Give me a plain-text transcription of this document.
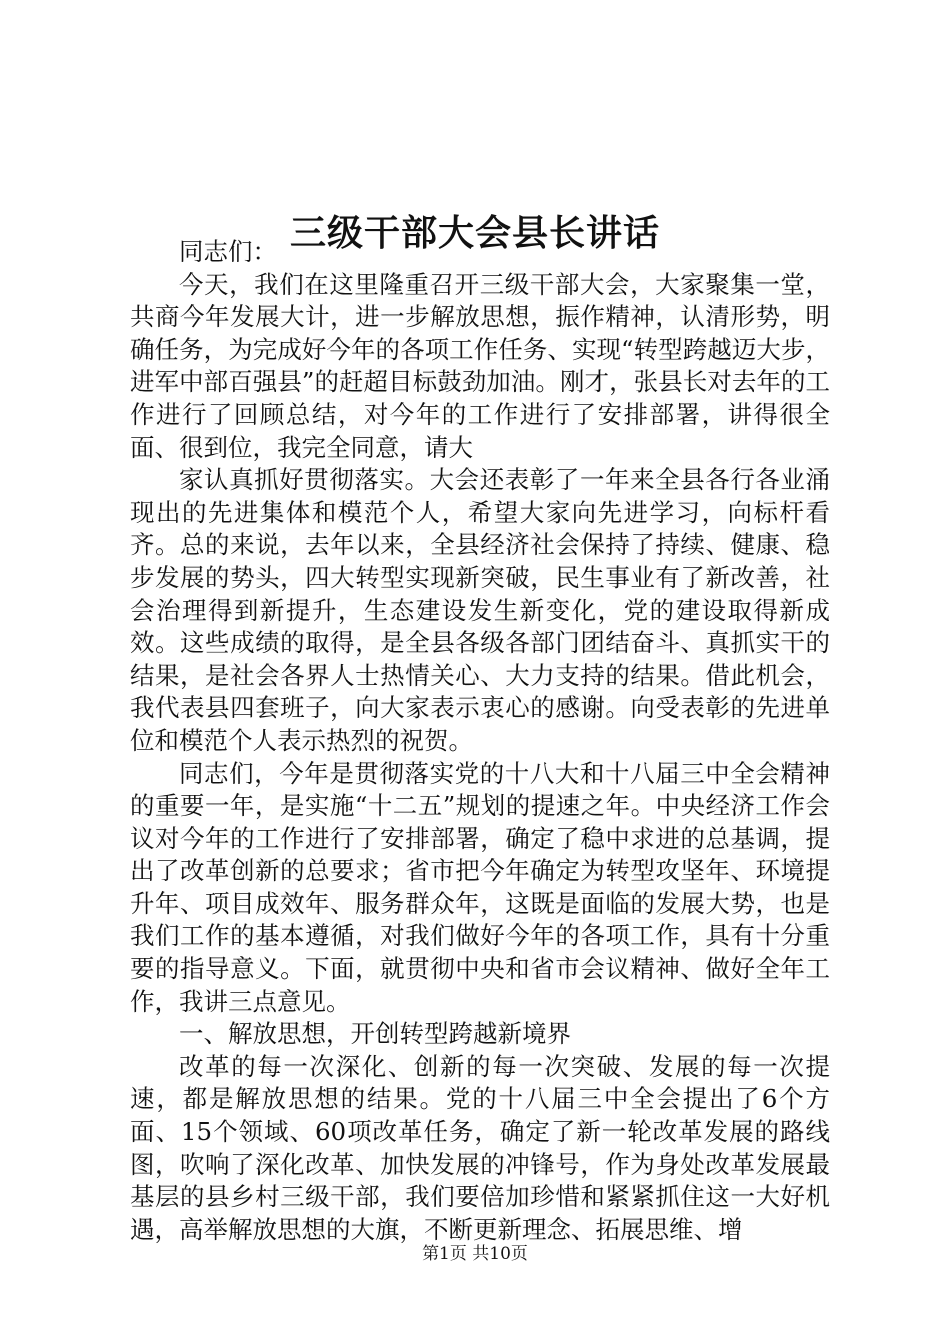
三级干部大会县长讲话

同志们：

今天，我们在这里隆重召开三级干部大会，大家聚集一堂，共商今年发展大计，进一步解放思想，振作精神，认清形势，明确任务，为完成好今年的各项工作任务、实现“转型跨越迈大步，进军中部百强县”的赶超目标鼓劲加油。刚才，张县长对去年的工作进行了回顾总结，对今年的工作进行了安排部署，讲得很全面、很到位，我完全同意，请大

家认真抓好贯彻落实。大会还表彰了一年来全县各行各业涌现出的先进集体和模范个人，希望大家向先进学习，向标杆看齐。总的来说，去年以来，全县经济社会保持了持续、健康、稳步发展的势头，四大转型实现新突破，民生事业有了新改善，社会治理得到新提升，生态建设发生新变化，党的建设取得新成效。这些成绩的取得，是全县各级各部门团结奋斗、真抓实干的结果，是社会各界人士热情关心、大力支持的结果。借此机会，我代表县四套班子，向大家表示衷心的感谢。向受表彰的先进单位和模范个人表示热烈的祝贺。

同志们，今年是贯彻落实党的十八大和十八届三中全会精神的重要一年，是实施“十二五”规划的提速之年。中央经济工作会议对今年的工作进行了安排部署，确定了稳中求进的总基调，提出了改革创新的总要求；省市把今年确定为转型攻坚年、环境提升年、项目成效年、服务群众年，这既是面临的发展大势，也是我们工作的基本遵循，对我们做好今年的各项工作，具有十分重要的指导意义。下面，就贯彻中央和省市会议精神、做好全年工作，我讲三点意见。

一、解放思想，开创转型跨越新境界

改革的每一次深化、创新的每一次突破、发展的每一次提速，都是解放思想的结果。党的十八届三中全会提出了6个方面、15个领域、60项改革任务，确定了新一轮改革发展的路线图，吹响了深化改革、加快发展的冲锋号，作为身处改革发展最基层的县乡村三级干部，我们要倍加珍惜和紧紧抓住这一大好机遇，高举解放思想的大旗，不断更新理念、拓展思维、增

第1页 共10页
